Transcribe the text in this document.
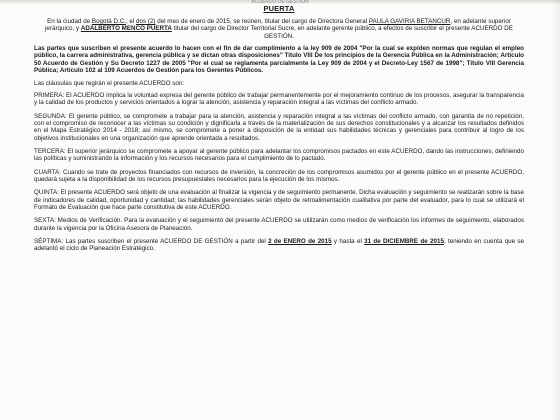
ACUERDO DE GESTIÓN
PUERTA
En la ciudad de Bogotá D.C., el dos (2) del mes de enero de 2015, se reúnen, titular del cargo de Directora General PAULA GAVIRIA BETANCUR, en adelante superior jerárquico, y ADALBERTO MENCO PUERTA titular del cargo de Director Territorial Sucre, en adelante gerente público, a efectos de suscribir el presente ACUERDO DE GESTIÓN.
Las partes que suscriben el presente acuerdo lo hacen con el fin de dar cumplimiento a la ley 909 de 2004 "Por la cual se expiden normas que regulan el empleo público, la carrera administrativa, gerencia pública y se dictan otras disposiciones" Titulo VIII De los principios de la Gerencia Pública en la Administración; Artículo 50 Acuerdo de Gestión y Su Decreto 1227 de 2005 "Por el cual se reglamenta parcialmente la Ley 909 de 2004 y el Decreto-Ley 1567 de 1998"; Título VIII Gerencia Pública; Artículo 102 al 109 Acuerdos de Gestión para los Gerentes Públicos.
Las cláusulas que regirán el presente ACUERDO son:
PRIMERA: El ACUERDO implica la voluntad expresa del gerente público de trabajar permanentemente por el mejoramiento continuo de los procesos, asegurar la transparencia y la calidad de los productos y servicios orientados a lograr la atención, asistencia y reparación integral a las víctimas del conflicto armado.
SEGUNDA: El gerente público, se compromete a trabajar para la atención, asistencia y reparación integral a las víctimas del conflicto armado, con garantía de no repetición, con el compromiso de reconocer a las víctimas su condición y dignificarla a través de la materialización de sus derechos constitucionales y a alcanzar los resultados definidos en el Mapa Estratégico 2014 - 2018; así mismo, se compromete a poner a disposición de la entidad sus habilidades técnicas y gerenciales para contribuir al logro de los objetivos institucionales en una organización que aprende orientada a resultados.
TERCERA: El superior jerárquico se compromete a apoyar al gerente público para adelantar los compromisos pactados en este ACUERDO, dando las instrucciones, definiendo las políticas y suministrando la información y los recursos necesarios para el cumplimiento de lo pactado.
CUARTA: Cuando se trate de proyectos financiados con recursos de inversión, la concreción de los compromisos asumidos por el gerente público en el presente ACUERDO, quedará sujeta a la disponibilidad de los recursos presupuestales necesarios para la ejecución de los mismos.
QUINTA: El presente ACUERDO será objeto de una evaluación al finalizar la vigencia y de seguimiento permanente. Dicha evaluación y seguimiento se realizarán sobre la base de indicadores de calidad, oportunidad y cantidad; las habilidades gerenciales serán objeto de retroalimentación cualitativa por parte del evaluador, para lo cual se utilizará el Formato de Evaluación que hace parte constitutiva de este ACUERDO.
SEXTA: Medios de Verificación. Para la evaluación y el seguimiento del presente ACUERDO se utilizarán como medios de verificación los informes de seguimiento, elaborados durante la vigencia por la Oficina Asesora de Planeación.
SÉPTIMA: Las partes suscriben el presente ACUERDO DE GESTIÓN a partir del 2 de ENERO de 2015 y hasta el 31 de DICIEMBRE de 2015, teniendo en cuenta que se adelantó el ciclo de Planeación Estratégico.
